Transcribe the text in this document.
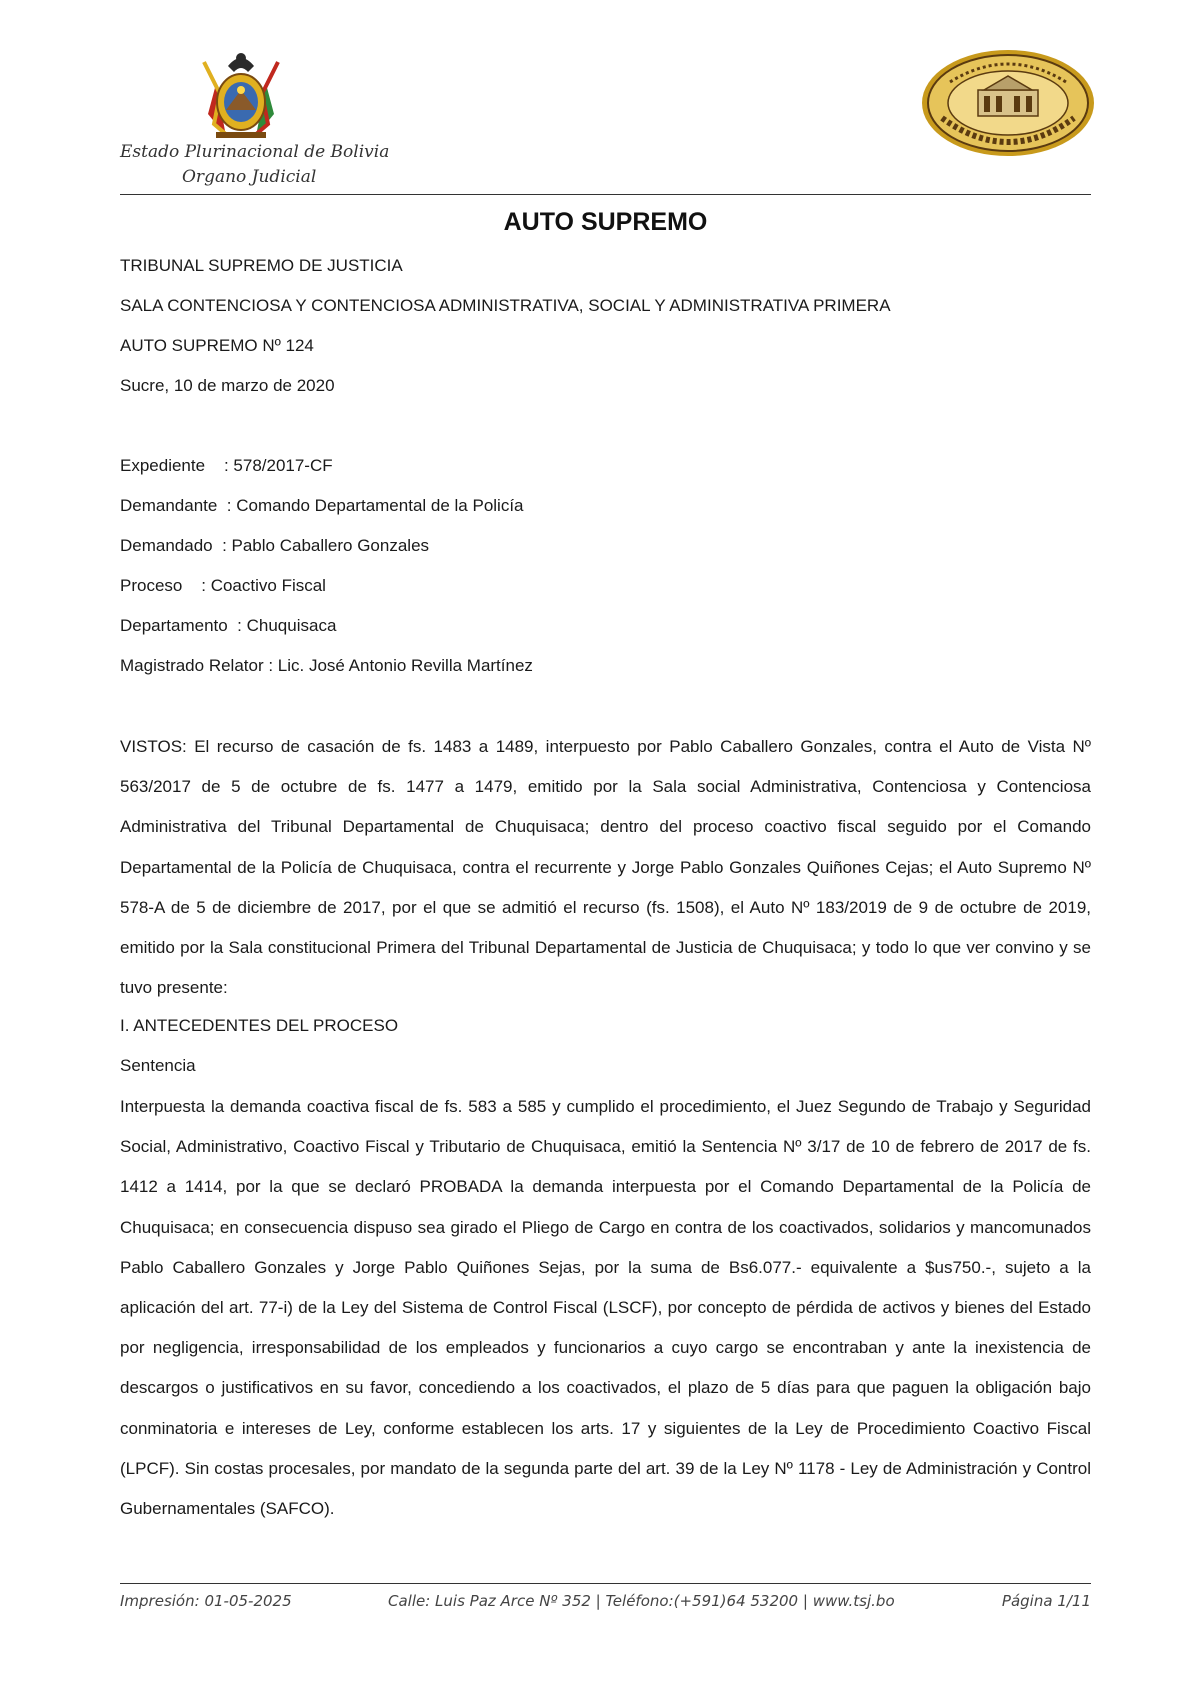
Estado Plurinacional de Bolivia
Organo Judicial
AUTO SUPREMO
TRIBUNAL SUPREMO DE JUSTICIA
SALA CONTENCIOSA Y CONTENCIOSA ADMINISTRATIVA, SOCIAL Y ADMINISTRATIVA PRIMERA
AUTO SUPREMO Nº 124
Sucre, 10 de marzo de 2020
Expediente    : 578/2017-CF
Demandante  : Comando Departamental de la Policía
Demandado  : Pablo Caballero Gonzales
Proceso    : Coactivo Fiscal
Departamento  : Chuquisaca
Magistrado Relator : Lic. José Antonio Revilla Martínez
VISTOS: El recurso de casación de fs. 1483 a 1489, interpuesto por Pablo Caballero Gonzales, contra el Auto de Vista Nº 563/2017 de 5 de octubre de fs. 1477 a 1479, emitido por la Sala social Administrativa, Contenciosa y Contenciosa Administrativa del Tribunal Departamental de Chuquisaca; dentro del proceso coactivo fiscal seguido por el Comando Departamental de la Policía de Chuquisaca, contra el recurrente y Jorge Pablo Gonzales Quiñones Cejas; el Auto Supremo Nº 578-A de 5 de diciembre de 2017, por el que se admitió el recurso (fs. 1508), el Auto Nº 183/2019 de 9 de octubre de 2019, emitido por la Sala constitucional Primera del Tribunal Departamental de Justicia de Chuquisaca; y todo lo que ver convino y se tuvo presente:
I. ANTECEDENTES DEL PROCESO
Sentencia
Interpuesta la demanda coactiva fiscal de fs. 583 a 585 y cumplido el procedimiento, el Juez Segundo de Trabajo y Seguridad Social, Administrativo, Coactivo Fiscal y Tributario de Chuquisaca, emitió la Sentencia Nº 3/17 de 10 de febrero de 2017 de fs. 1412 a 1414, por la que se declaró PROBADA la demanda interpuesta por el Comando Departamental de la Policía de Chuquisaca; en consecuencia dispuso sea girado el Pliego de Cargo en contra de los coactivados, solidarios y mancomunados Pablo Caballero Gonzales y Jorge Pablo Quiñones Sejas, por la suma de Bs6.077.- equivalente a $us750.-, sujeto a la aplicación del art. 77-i) de la Ley del Sistema de Control Fiscal (LSCF), por concepto de pérdida de activos y bienes del Estado por negligencia, irresponsabilidad de los empleados y funcionarios a cuyo cargo se encontraban y ante la inexistencia de descargos o justificativos en su favor, concediendo a los coactivados, el plazo de 5 días para que paguen la obligación bajo conminatoria e intereses de Ley, conforme establecen los arts. 17 y siguientes de la Ley de Procedimiento Coactivo Fiscal (LPCF). Sin costas procesales, por mandato de la segunda parte del art. 39 de la Ley Nº 1178 - Ley de Administración y Control Gubernamentales (SAFCO).
Impresión: 01-05-2025	Calle: Luis Paz Arce Nº 352 | Teléfono:(+591)64 53200 | www.tsj.bo	Página 1/11
